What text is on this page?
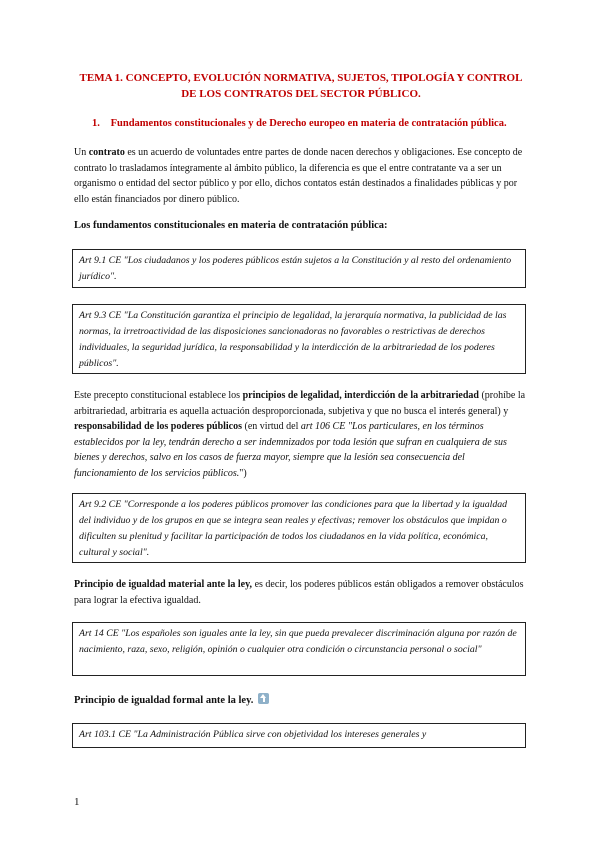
TEMA 1. CONCEPTO, EVOLUCIÓN NORMATIVA, SUJETOS, TIPOLOGÍA Y CONTROL
DE LOS CONTRATOS DEL SECTOR PÚBLICO.
1. Fundamentos constitucionales y de Derecho europeo en materia de contratación pública.
Un contrato es un acuerdo de voluntades entre partes de donde nacen derechos y obligaciones. Ese concepto de contrato lo trasladamos íntegramente al ámbito público, la diferencia es que el entre contratante va a ser un organismo o entidad del sector público y por ello, dichos contatos están destinados a finalidades públicas y por ello están financiados por dinero público.
Los fundamentos constitucionales en materia de contratación pública:
Art 9.1 CE "Los ciudadanos y los poderes públicos están sujetos a la Constitución y al resto del ordenamiento jurídico".
Art 9.3 CE "La Constitución garantiza el principio de legalidad, la jerarquía normativa, la publicidad de las normas, la irretroactividad de las disposiciones sancionadoras no favorables o restrictivas de derechos individuales, la seguridad jurídica, la responsabilidad y la interdicción de la arbitrariedad de los poderes públicos".
Este precepto constitucional establece los principios de legalidad, interdicción de la arbitrariedad (prohíbe la arbitrariedad, arbitraria es aquella actuación desproporcionada, subjetiva y que no busca el interés general) y responsabilidad de los poderes públicos (en virtud del art 106 CE "Los particulares, en los términos establecidos por la ley, tendrán derecho a ser indemnizados por toda lesión que sufran en cualquiera de sus bienes y derechos, salvo en los casos de fuerza mayor, siempre que la lesión sea consecuencia del funcionamiento de los servicios públicos.")
Art 9.2 CE "Corresponde a los poderes públicos promover las condiciones para que la libertad y la igualdad del individuo y de los grupos en que se integra sean reales y efectivas; remover los obstáculos que impidan o dificulten su plenitud y facilitar la participación de todos los ciudadanos en la vida política, económica, cultural y social".
Principio de igualdad material ante la ley, es decir, los poderes públicos están obligados a remover obstáculos para lograr la efectiva igualdad.
Art 14 CE "Los españoles son iguales ante la ley, sin que pueda prevalecer discriminación alguna por razón de nacimiento, raza, sexo, religión, opinión o cualquier otra condición o circunstancia personal o social"
Principio de igualdad formal ante la ley.
Art 103.1 CE "La Administración Pública sirve con objetividad los intereses generales y
1
